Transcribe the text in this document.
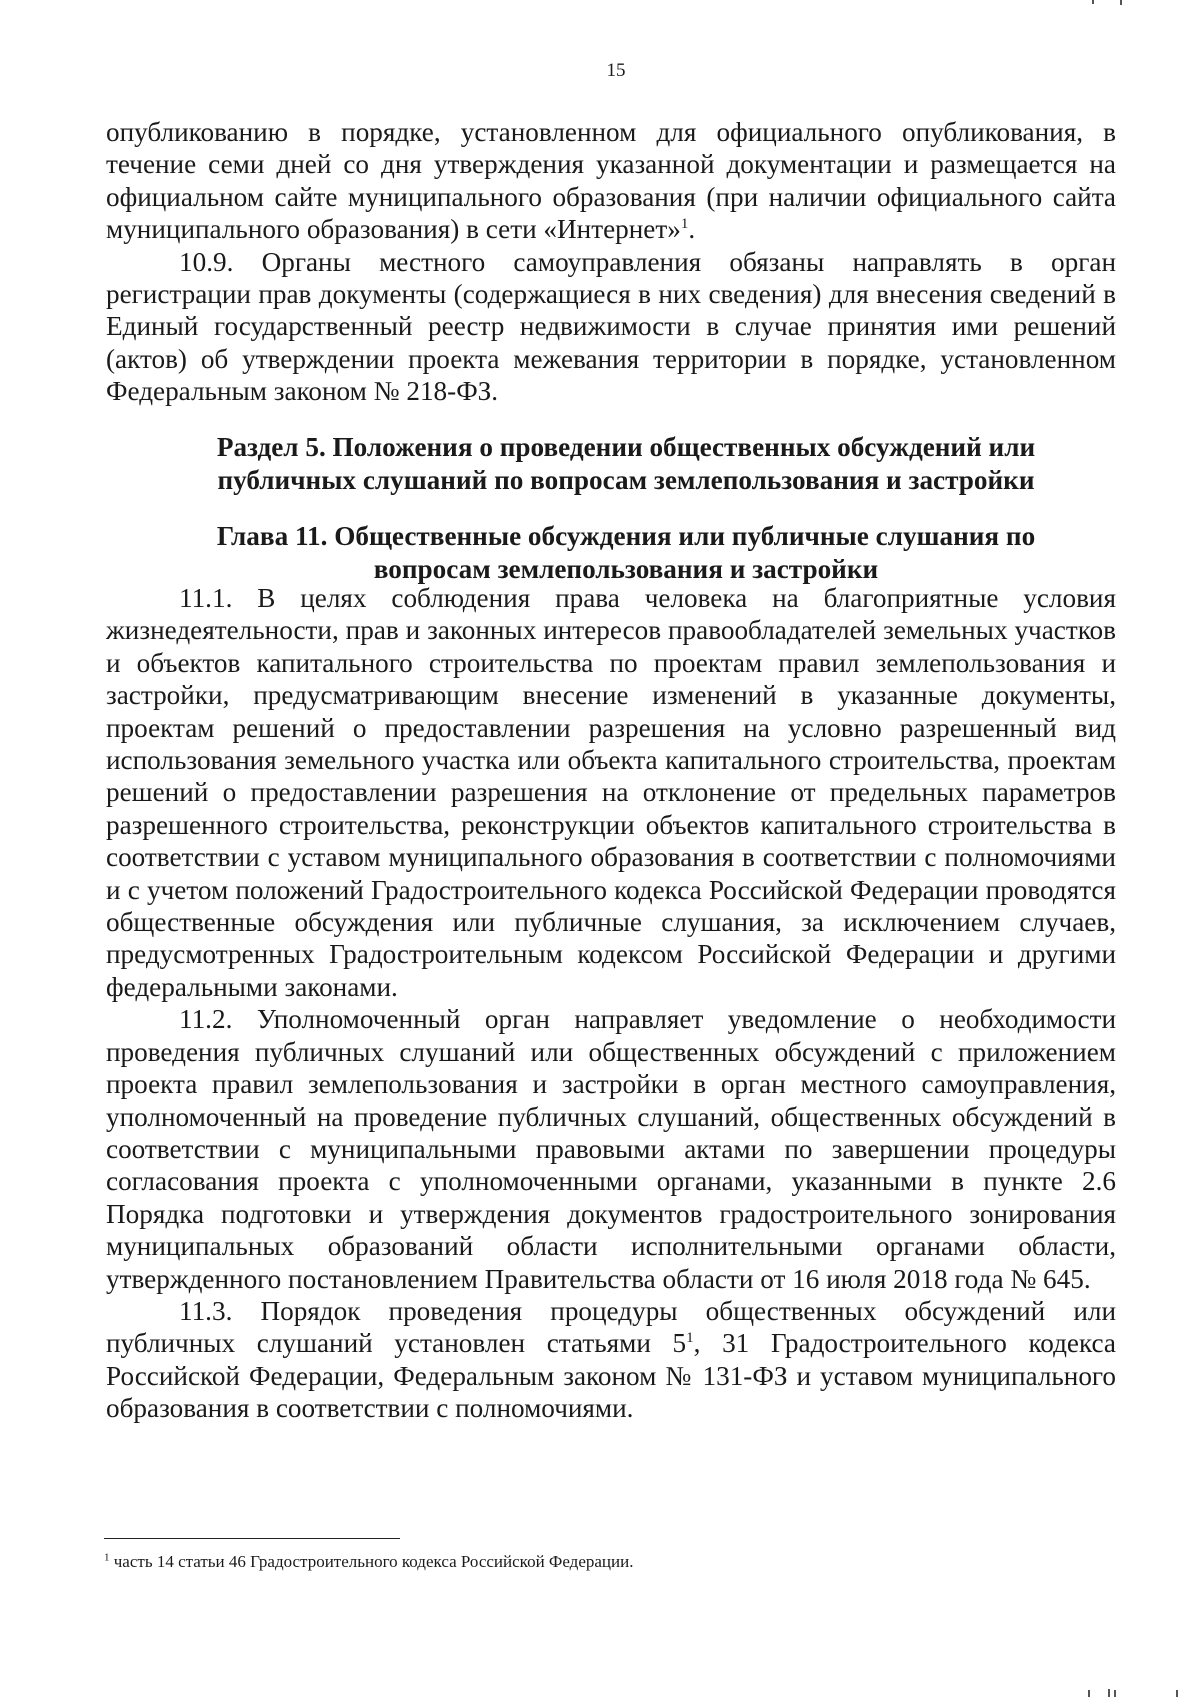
15

опубликованию в порядке, установленном для официального опубликования, в течение семи дней со дня утверждения указанной документации и размещается на официальном сайте муниципального образования (при наличии официального сайта муниципального образования) в сети «Интернет»$^1$.

10.9. Органы местного самоуправления обязаны направлять в орган регистрации прав документы (содержащиеся в них сведения) для внесения сведений в Единый государственный реестр недвижимости в случае принятия ими решений (актов) об утверждении проекта межевания территории в порядке, установленном Федеральным законом № 218-ФЗ.

Раздел 5. Положения о проведении общественных обсуждений или
публичных слушаний по вопросам землепользования и застройки
Глава 11. Общественные обсуждения или публичные слушания по
вопросам землепользования и застройки

11.1. В целях соблюдения права человека на благоприятные условия жизнедеятельности, прав и законных интересов правообладателей земельных участков и объектов капитального строительства по проектам правил землепользования и застройки, предусматривающим внесение изменений в указанные документы, проектам решений о предоставлении разрешения на условно разрешенный вид использования земельного участка или объекта капитального строительства, проектам решений о предоставлении разрешения на отклонение от предельных параметров разрешенного строительства, реконструкции объектов капитального строительства в соответствии с уставом муниципального образования в соответствии с полномочиями и с учетом положений Градостроительного кодекса Российской Федерации проводятся общественные обсуждения или публичные слушания, за исключением случаев, предусмотренных Градостроительным кодексом Российской Федерации и другими федеральными законами.

11.2. Уполномоченный орган направляет уведомление о необходимости проведения публичных слушаний или общественных обсуждений с приложением проекта правил землепользования и застройки в орган местного самоуправления, уполномоченный на проведение публичных слушаний, общественных обсуждений в соответствии с муниципальными правовыми актами по завершении процедуры согласования проекта с уполномоченными органами, указанными в пункте 2.6 Порядка подготовки и утверждения документов градостроительного зонирования муниципальных образований области исполнительными органами области, утвержденного постановлением Правительства области от 16 июля 2018 года № 645.

11.3. Порядок проведения процедуры общественных обсуждений или публичных слушаний установлен статьями $5^1$, 31 Градостроительного кодекса Российской Федерации, Федеральным законом № 131-ФЗ и уставом муниципального образования в соответствии с полномочиями.

$^1$ часть 14 статьи 46 Градостроительного кодекса Российской Федерации.
